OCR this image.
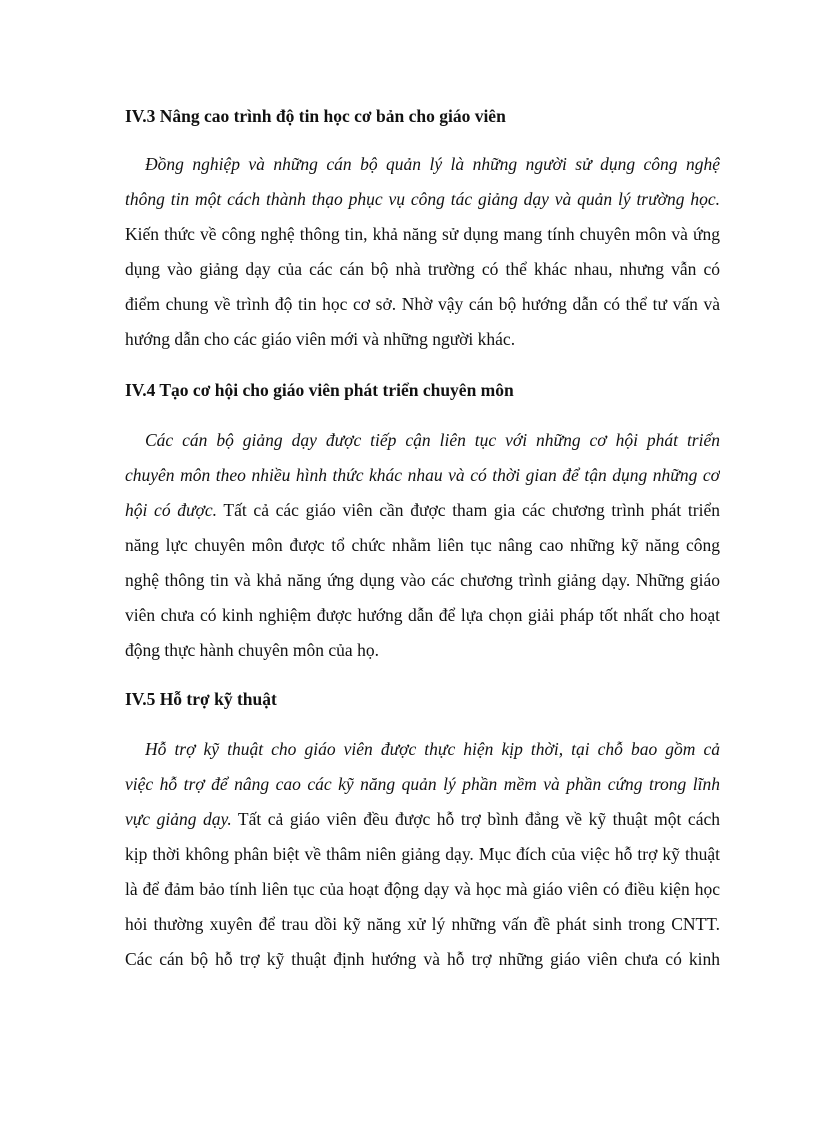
IV.3 Nâng cao trình độ tin học cơ bản cho giáo viên
Đồng nghiệp và những cán bộ quản lý là những người sử dụng công nghệ
thông tin một cách thành thạo phục vụ công tác giảng dạy và quản lý trường học.
Kiến thức về công nghệ thông tin, khả năng sử dụng mang tính chuyên môn và ứng
dụng vào giảng dạy của các cán bộ nhà trường có thể khác nhau, nhưng vẫn có
điểm chung về trình độ tin học cơ sở. Nhờ vậy cán bộ hướng dẫn có thể tư vấn và
hướng dẫn cho các giáo viên mới và những người khác.
IV.4 Tạo cơ hội cho giáo viên phát triển chuyên môn
Các cán bộ giảng dạy được tiếp cận liên tục với những cơ hội phát triển
chuyên môn theo nhiều hình thức khác nhau và có thời gian để tận dụng những cơ
hội có được. Tất cả các giáo viên cần được tham gia các chương trình phát triển
năng lực chuyên môn được tổ chức nhằm liên tục nâng cao những kỹ năng công
nghệ thông tin và khả năng ứng dụng vào các chương trình giảng dạy. Những giáo
viên chưa có kinh nghiệm được hướng dẫn để lựa chọn giải pháp tốt nhất cho hoạt
động thực hành chuyên môn của họ.
IV.5 Hỗ trợ kỹ thuật
Hỗ trợ kỹ thuật cho giáo viên được thực hiện kịp thời, tại chỗ bao gồm cả
việc hỗ trợ để nâng cao các kỹ năng quản lý phần mềm và phần cứng trong lĩnh
vực giảng dạy. Tất cả giáo viên đều được hỗ trợ bình đẳng về kỹ thuật một cách
kịp thời không phân biệt về thâm niên giảng dạy. Mục đích của việc hỗ trợ kỹ thuật
là để đảm bảo tính liên tục của hoạt động dạy và học mà giáo viên có điều kiện học
hỏi thường xuyên để trau dồi kỹ năng xử lý những vấn đề phát sinh trong CNTT.
Các cán bộ hỗ trợ kỹ thuật định hướng và hỗ trợ những giáo viên chưa có kinh
